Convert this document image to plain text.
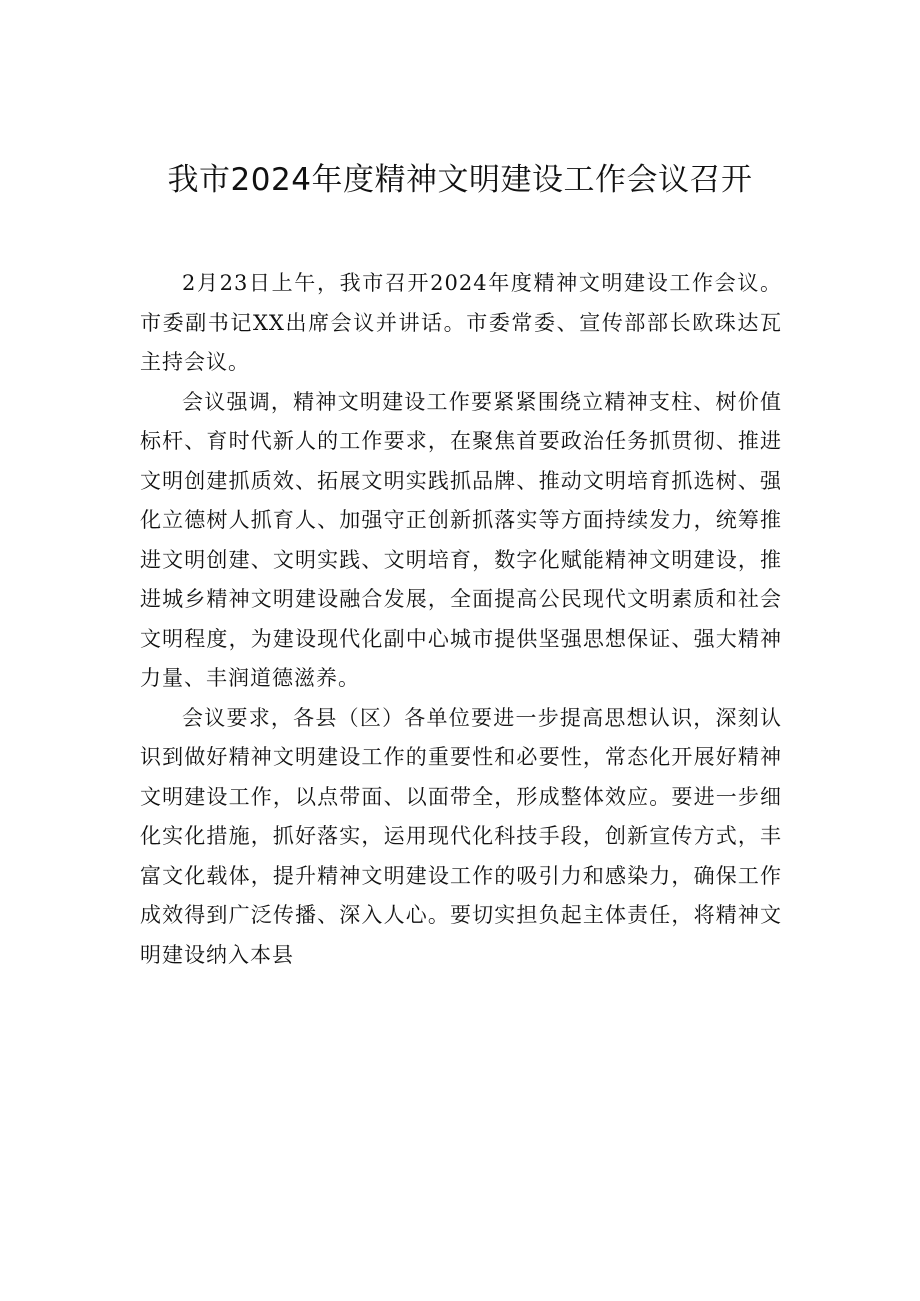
我市2024年度精神文明建设工作会议召开

2月23日上午，我市召开2024年度精神文明建设工作会议。市委副书记XX出席会议并讲话。市委常委、宣传部部长欧珠达瓦主持会议。

会议强调，精神文明建设工作要紧紧围绕立精神支柱、树价值标杆、育时代新人的工作要求，在聚焦首要政治任务抓贯彻、推进文明创建抓质效、拓展文明实践抓品牌、推动文明培育抓选树、强化立德树人抓育人、加强守正创新抓落实等方面持续发力，统筹推进文明创建、文明实践、文明培育，数字化赋能精神文明建设，推进城乡精神文明建设融合发展，全面提高公民现代文明素质和社会文明程度，为建设现代化副中心城市提供坚强思想保证、强大精神力量、丰润道德滋养。

会议要求，各县（区）各单位要进一步提高思想认识，深刻认识到做好精神文明建设工作的重要性和必要性，常态化开展好精神文明建设工作，以点带面、以面带全，形成整体效应。要进一步细化实化措施，抓好落实，运用现代化科技手段，创新宣传方式，丰富文化载体，提升精神文明建设工作的吸引力和感染力，确保工作成效得到广泛传播、深入人心。要切实担负起主体责任，将精神文明建设纳入本县
